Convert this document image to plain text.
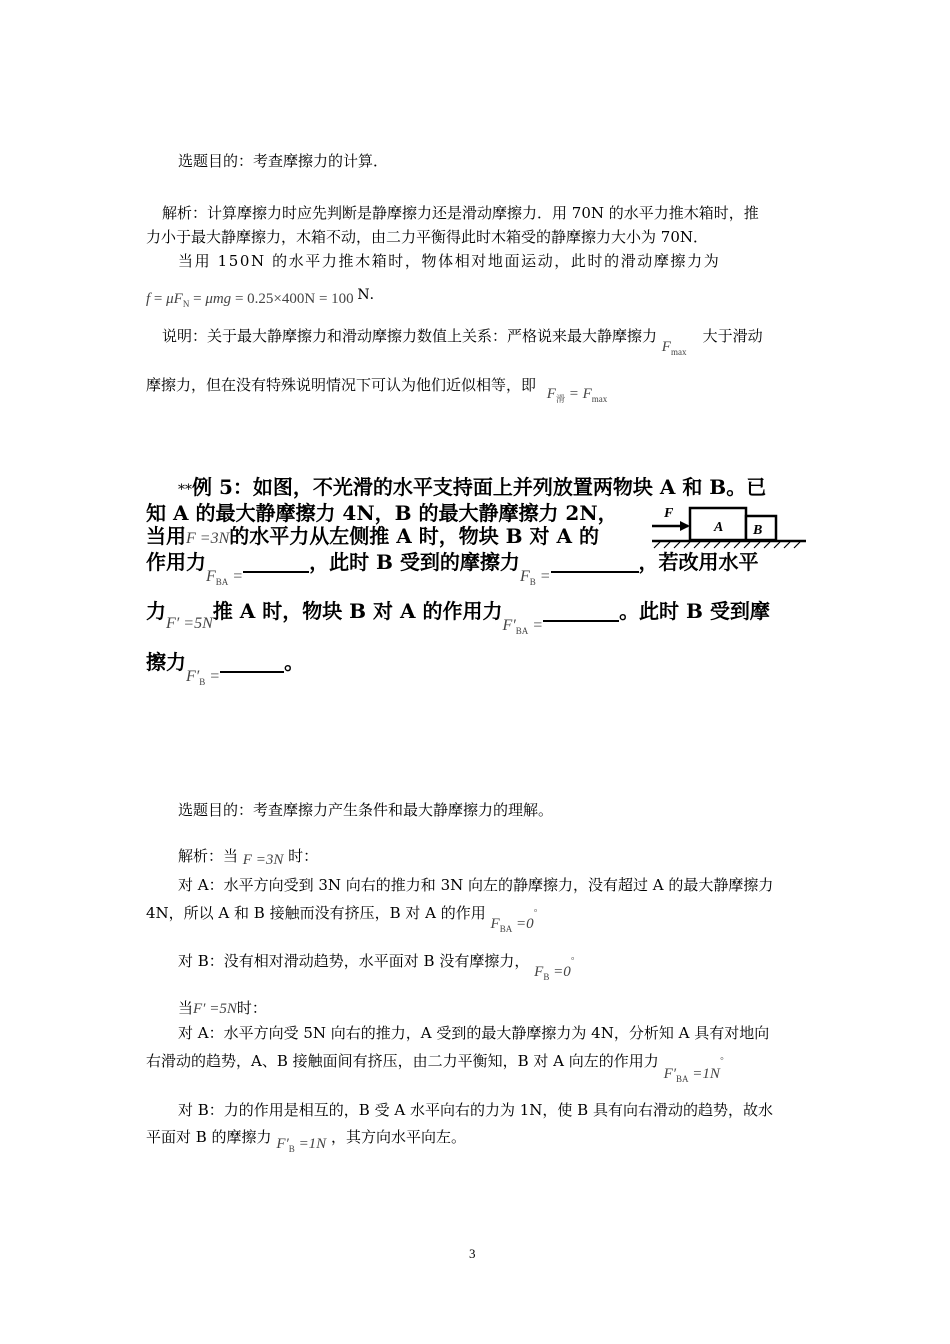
选题目的：考查摩擦力的计算．
解析：计算摩擦力时应先判断是静摩擦力还是滑动摩擦力．用 70N 的水平力推木箱时，推
力小于最大静摩擦力，木箱不动，由二力平衡得此时木箱受的静摩擦力大小为 70N．
当用 150N 的水平力推木箱时，物体相对地面运动，此时的滑动摩擦力为
$f = \mu F_N = \mu mg = 0.25\times 400N = 100$ N．
说明：关于最大静摩擦力和滑动摩擦力数值上关系：严格说来最大静摩擦力 $F_{max}$ 大于滑动
摩擦力，但在没有特殊说明情况下可认为他们近似相等，即 $F_滑 = F_{max}$
**例 5：如图，不光滑的水平支持面上并列放置两物块 A 和 B。已
知 A 的最大静摩擦力 4N，B 的最大静摩擦力 2N，
当用F =3N的水平力从左侧推 A 时，物块 B 对 A 的
F
A B
作用力$_{F_{BA} =}$，此时 B 受到的摩擦力$_{F_B =}$，若改用水平
力$_{F' =5N}$推 A 时，物块 B 对 A 的作用力$_{F'_{BA} =}$。此时 B 受到摩
擦力$_{F'_B =}$。
选题目的：考查摩擦力产生条件和最大静摩擦力的理解。
解析：当 F =3N 时：
对 A：水平方向受到 3N 向右的推力和 3N 向左的静摩擦力，没有超过 A 的最大静摩擦力
4N，所以 A 和 B 接触而没有挤压，B 对 A 的作用 $F_{BA} =0^◦$
对 B：没有相对滑动趋势，水平面对 B 没有摩擦力， $F_B =0^◦$
当F′ =5N时：
对 A：水平方向受 5N 向右的推力，A 受到的最大静摩擦力为 4N，分析知 A 具有对地向
右滑动的趋势，A、B 接触面间有挤压，由二力平衡知，B 对 A 向左的作用力 $F'_{BA} =1N^◦$
对 B：力的作用是相互的，B 受 A 水平向右的力为 1N，使 B 具有向右滑动的趋势，故水
平面对 B 的摩擦力 $F'_B =1N$ ，其方向水平向左。
3
